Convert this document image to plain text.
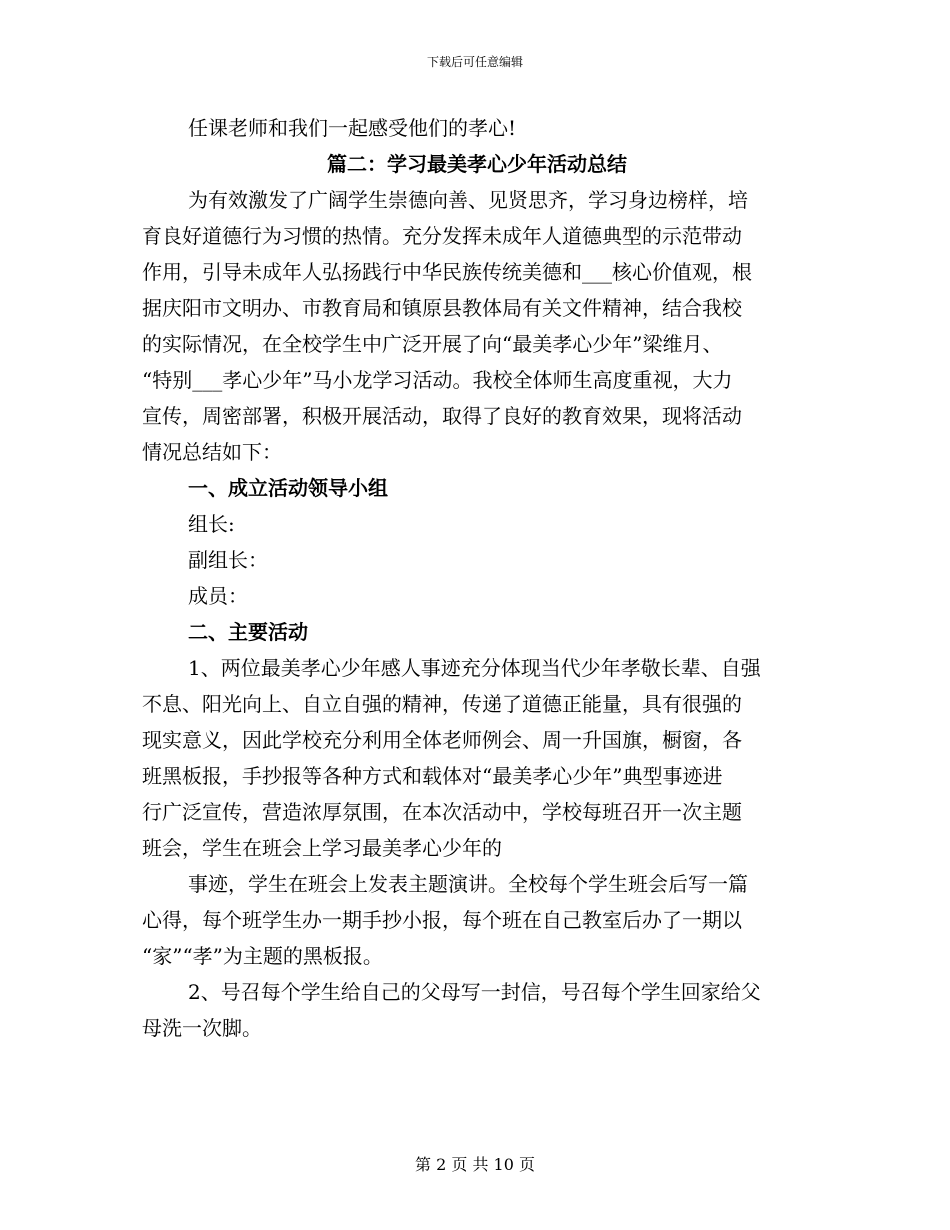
下载后可任意编辑

任课老师和我们一起感受他们的孝心!

篇二：学习最美孝心少年活动总结

为有效激发了广阔学生崇德向善、见贤思齐，学习身边榜样，培

育良好道德行为习惯的热情。充分发挥未成年人道德典型的示范带动

作用，引导未成年人弘扬践行中华民族传统美德和___核心价值观，根

据庆阳市文明办、市教育局和镇原县教体局有关文件精神，结合我校

的实际情况，在全校学生中广泛开展了向“最美孝心少年”梁维月、

“特别___孝心少年”马小龙学习活动。我校全体师生高度重视，大力

宣传，周密部署，积极开展活动，取得了良好的教育效果，现将活动

情况总结如下：

一、成立活动领导小组

组长:

副组长：

成员：

二、主要活动

1、两位最美孝心少年感人事迹充分体现当代少年孝敬长辈、自强

不息、阳光向上、自立自强的精神，传递了道德正能量，具有很强的

现实意义，因此学校充分利用全体老师例会、周一升国旗，橱窗，各

班黑板报，手抄报等各种方式和载体对“最美孝心少年”典型事迹进

行广泛宣传，营造浓厚氛围，在本次活动中，学校每班召开一次主题

班会，学生在班会上学习最美孝心少年的

事迹，学生在班会上发表主题演讲。全校每个学生班会后写一篇

心得，每个班学生办一期手抄小报，每个班在自己教室后办了一期以

“家”“孝”为主题的黑板报。

2、号召每个学生给自己的父母写一封信，号召每个学生回家给父

母洗一次脚。

第 2 页 共 10 页
